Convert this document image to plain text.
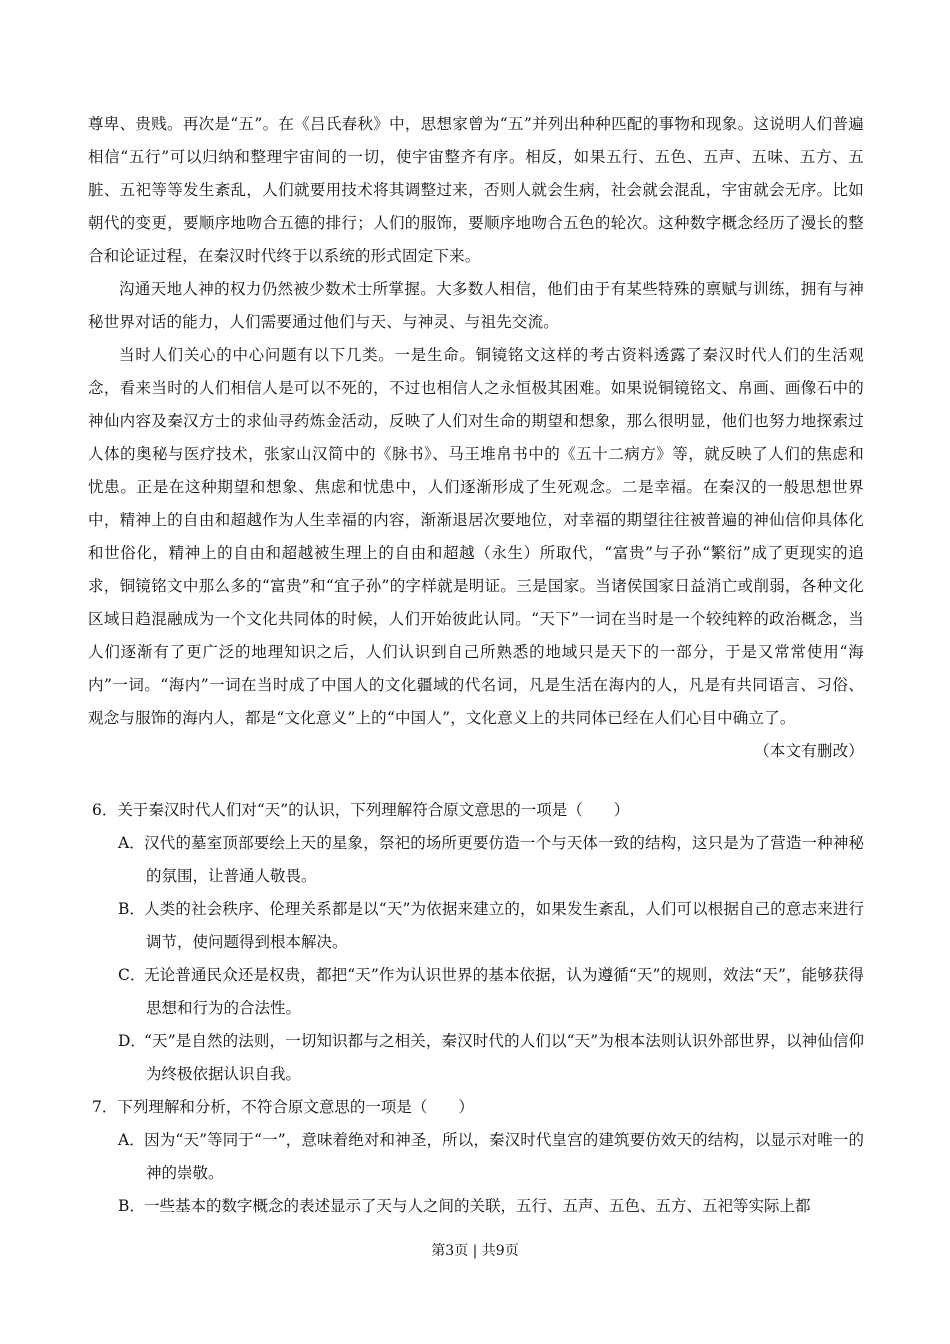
尊卑、贵贱。再次是“五”。在《吕氏春秋》中，思想家曾为“五”并列出种种匹配的事物和现象。这说明人们普遍相信“五行”可以归纳和整理宇宙间的一切，使宇宙整齐有序。相反，如果五行、五色、五声、五味、五方、五脏、五祀等等发生紊乱，人们就要用技术将其调整过来，否则人就会生病，社会就会混乱，宇宙就会无序。比如朝代的变更，要顺序地吻合五德的排行；人们的服饰，要顺序地吻合五色的轮次。这种数字概念经历了漫长的整合和论证过程，在秦汉时代终于以系统的形式固定下来。

沟通天地人神的权力仍然被少数术士所掌握。大多数人相信，他们由于有某些特殊的禀赋与训练，拥有与神秘世界对话的能力，人们需要通过他们与天、与神灵、与祖先交流。

当时人们关心的中心问题有以下几类。一是生命。铜镜铭文这样的考古资料透露了秦汉时代人们的生活观念，看来当时的人们相信人是可以不死的，不过也相信人之永恒极其困难。如果说铜镜铭文、帛画、画像石中的神仙内容及秦汉方士的求仙寻药炼金活动，反映了人们对生命的期望和想象，那么很明显，他们也努力地探索过人体的奥秘与医疗技术，张家山汉简中的《脉书》、马王堆帛书中的《五十二病方》等，就反映了人们的焦虑和忧患。正是在这种期望和想象、焦虑和忧患中，人们逐渐形成了生死观念。二是幸福。在秦汉的一般思想世界中，精神上的自由和超越作为人生幸福的内容，渐渐退居次要地位，对幸福的期望往往被普遍的神仙信仰具体化和世俗化，精神上的自由和超越被生理上的自由和超越（永生）所取代，“富贵”与子孙“繁衍”成了更现实的追求，铜镜铭文中那么多的“富贵”和“宜子孙”的字样就是明证。三是国家。当诸侯国家日益消亡或削弱，各种文化区域日趋混融成为一个文化共同体的时候，人们开始彼此认同。“天下”一词在当时是一个较纯粹的政治概念，当人们逐渐有了更广泛的地理知识之后，人们认识到自己所熟悉的地域只是天下的一部分，于是又常常使用“海内”一词。“海内”一词在当时成了中国人的文化疆域的代名词，凡是生活在海内的人，凡是有共同语言、习俗、观念与服饰的海内人，都是“文化意义”上的“中国人”，文化意义上的共同体已经在人们心目中确立了。

（本文有删改）

6．关于秦汉时代人们对“天”的认识，下列理解符合原文意思的一项是（　　）

A．汉代的墓室顶部要绘上天的星象，祭祀的场所更要仿造一个与天体一致的结构，这只是为了营造一种神秘的氛围，让普通人敬畏。

B．人类的社会秩序、伦理关系都是以“天”为依据来建立的，如果发生紊乱，人们可以根据自己的意志来进行调节，使问题得到根本解决。

C．无论普通民众还是权贵，都把“天”作为认识世界的基本依据，认为遵循“天”的规则，效法“天”，能够获得思想和行为的合法性。

D．“天”是自然的法则，一切知识都与之相关，秦汉时代的人们以“天”为根本法则认识外部世界，以神仙信仰为终极依据认识自我。

7．下列理解和分析，不符合原文意思的一项是（　　）

A．因为“天”等同于“一”，意味着绝对和神圣，所以，秦汉时代皇宫的建筑要仿效天的结构，以显示对唯一的神的崇敬。

B．一些基本的数字概念的表述显示了天与人之间的关联，五行、五声、五色、五方、五祀等实际上都

第3页 | 共9页
